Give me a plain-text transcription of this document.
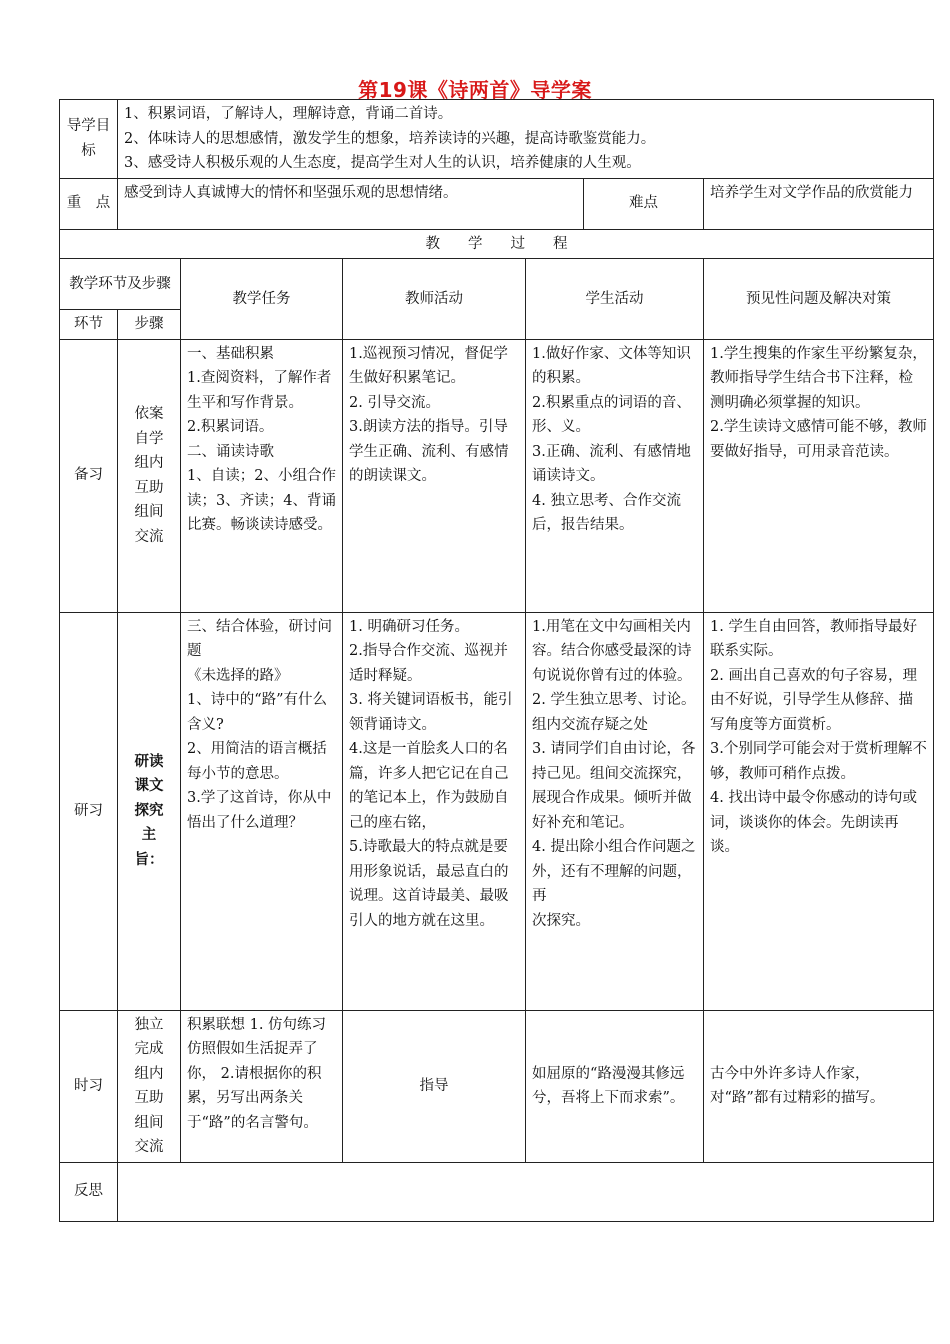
第19课《诗两首》导学案
导学目标	1、积累词语，了解诗人，理解诗意，背诵二首诗。
2、体味诗人的思想感情，激发学生的想象，培养读诗的兴趣，提高诗歌鉴赏能力。
3、感受诗人积极乐观的人生态度，提高学生对人生的认识，培养健康的人生观。					

重　点	感受到诗人真诚博大的情怀和坚强乐观的思想情绪。				难点	培养学生对文学作品的欣赏能力
教学过程						
教学环节及步骤		教学任务	教师活动	学生活动		预见性问题及解决对策
环节	步骤					
备习	依案自学组内互助组间交流	一、基础积累
1.查阅资料，了解作者生平和写作背景。
2.积累词语。
二、诵读诗歌
1、自读；2、小组合作读；3、齐读；4、背诵比赛。畅谈读诗感受。	1.巡视预习情况，督促学生做好积累笔记。
2. 引导交流。
3.朗读方法的指导。引导学生正确、流利、有感情的朗读课文。	1.做好作家、文体等知识的积累。
2.积累重点的词语的音、形、义。
3.正确、流利、有感情地诵读诗文。
4. 独立思考、合作交流后，报告结果。		1.学生搜集的作家生平纷繁复杂，教师指导学生结合书下注释，检测明确必须掌握的知识。
2.学生读诗文感情可能不够，教师要做好指导，可用录音范读。

研习	研读课文探究主旨：	三、结合体验，研讨问题
《未选择的路》
1、诗中的“路”有什么含义?
2、用简洁的语言概括每小节的意思。
3.学了这首诗，你从中悟出了什么道理？	1. 明确研习任务。
2.指导合作交流、巡视并适时释疑。
3. 将关键词语板书，能引领背诵诗文。
4.这是一首脍炙人口的名篇，许多人把它记在自己的笔记本上，作为鼓励自己的座右铭，
5.诗歌最大的特点就是要用形象说话，最忌直白的说理。这首诗最美、最吸引人的地方就在这里。	1.用笔在文中勾画相关内容。结合你感受最深的诗句说说你曾有过的体验。
2. 学生独立思考、讨论。组内交流存疑之处
3. 请同学们自由讨论，各持己见。组间交流探究，展现合作成果。倾听并做好补充和笔记。
4. 提出除小组合作问题之外，还有不理解的问题，再
次探究。		1. 学生自由回答，教师指导最好联系实际。
2. 画出自己喜欢的句子容易，理由不好说，引导学生从修辞、描写角度等方面赏析。
3.个别同学可能会对于赏析理解不够，教师可稍作点拨。
4. 找出诗中最令你感动的诗句或词，谈谈你的体会。先朗读再谈。

时习	独立完成组内互助组间交流	积累联想 1. 仿句练习仿照假如生活捉弄了你， 2.请根据你的积累，另写出两条关于“路”的名言警句。	指导	如屈原的“路漫漫其修远兮，吾将上下而求索”。		古今中外许多诗人作家，对“路”都有过精彩的描写。
反思						
